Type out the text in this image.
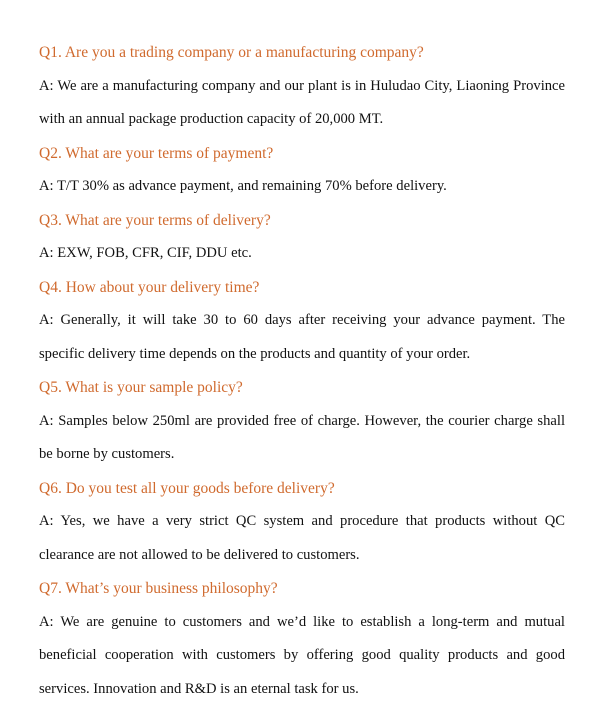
Q1. Are you a trading company or a manufacturing company?

A: We are a manufacturing company and our plant is in Huludao City, Liaoning Province with an annual package production capacity of 20,000 MT.

Q2. What are your terms of payment?

A: T/T 30% as advance payment, and remaining 70% before delivery.

Q3. What are your terms of delivery?

A: EXW, FOB, CFR, CIF, DDU etc.

Q4. How about your delivery time?

A: Generally, it will take 30 to 60 days after receiving your advance payment. The specific delivery time depends on the products and quantity of your order.

Q5. What is your sample policy?

A: Samples below 250ml are provided free of charge. However, the courier charge shall be borne by customers.

Q6. Do you test all your goods before delivery?

A: Yes, we have a very strict QC system and procedure that products without QC clearance are not allowed to be delivered to customers.

Q7. What’s your business philosophy?

A: We are genuine to customers and we’d like to establish a long-term and mutual beneficial cooperation with customers by offering good quality products and good services. Innovation and R&D is an eternal task for us.
